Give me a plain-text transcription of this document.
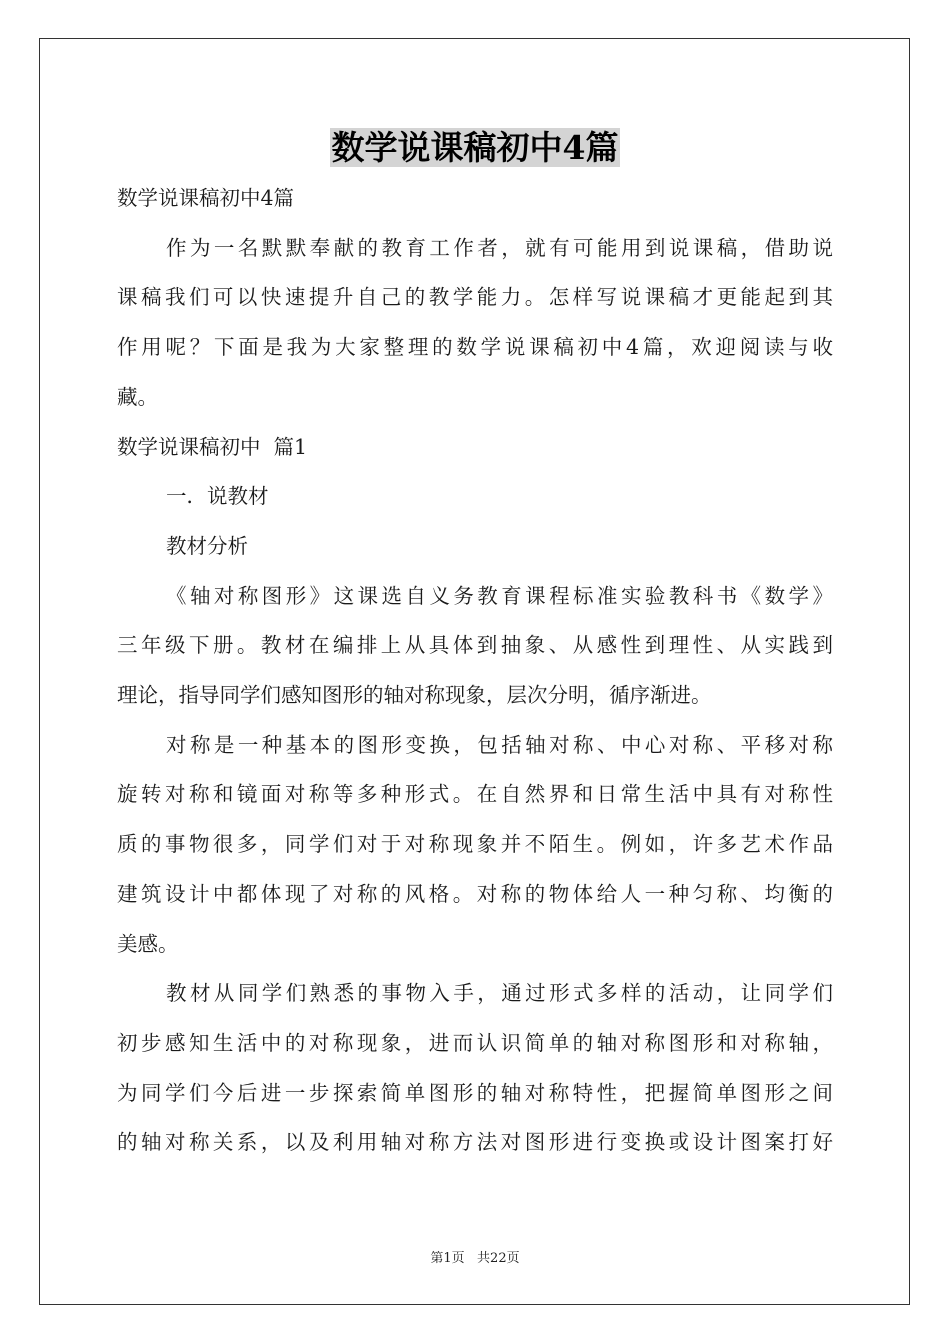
数学说课稿初中4篇

数学说课稿初中4篇

作为一名默默奉献的教育工作者，就有可能用到说课稿，借助说
课稿我们可以快速提升自己的教学能力。怎样写说课稿才更能起到其
作用呢？下面是我为大家整理的数学说课稿初中4篇，欢迎阅读与收
藏。

数学说课稿初中  篇1

一．说教材

教材分析

《轴对称图形》这课选自义务教育课程标准实验教科书《数学》
三年级下册。教材在编排上从具体到抽象、从感性到理性、从实践到
理论，指导同学们感知图形的轴对称现象，层次分明，循序渐进。
对称是一种基本的图形变换，包括轴对称、中心对称、平移对称
旋转对称和镜面对称等多种形式。在自然界和日常生活中具有对称性
质的事物很多，同学们对于对称现象并不陌生。例如，许多艺术作品
建筑设计中都体现了对称的风格。对称的物体给人一种匀称、均衡的
美感。
教材从同学们熟悉的事物入手，通过形式多样的活动，让同学们
初步感知生活中的对称现象，进而认识简单的轴对称图形和对称轴，
为同学们今后进一步探索简单图形的轴对称特性，把握简单图形之间
的轴对称关系，以及利用轴对称方法对图形进行变换或设计图案打好
第1页   共22页
